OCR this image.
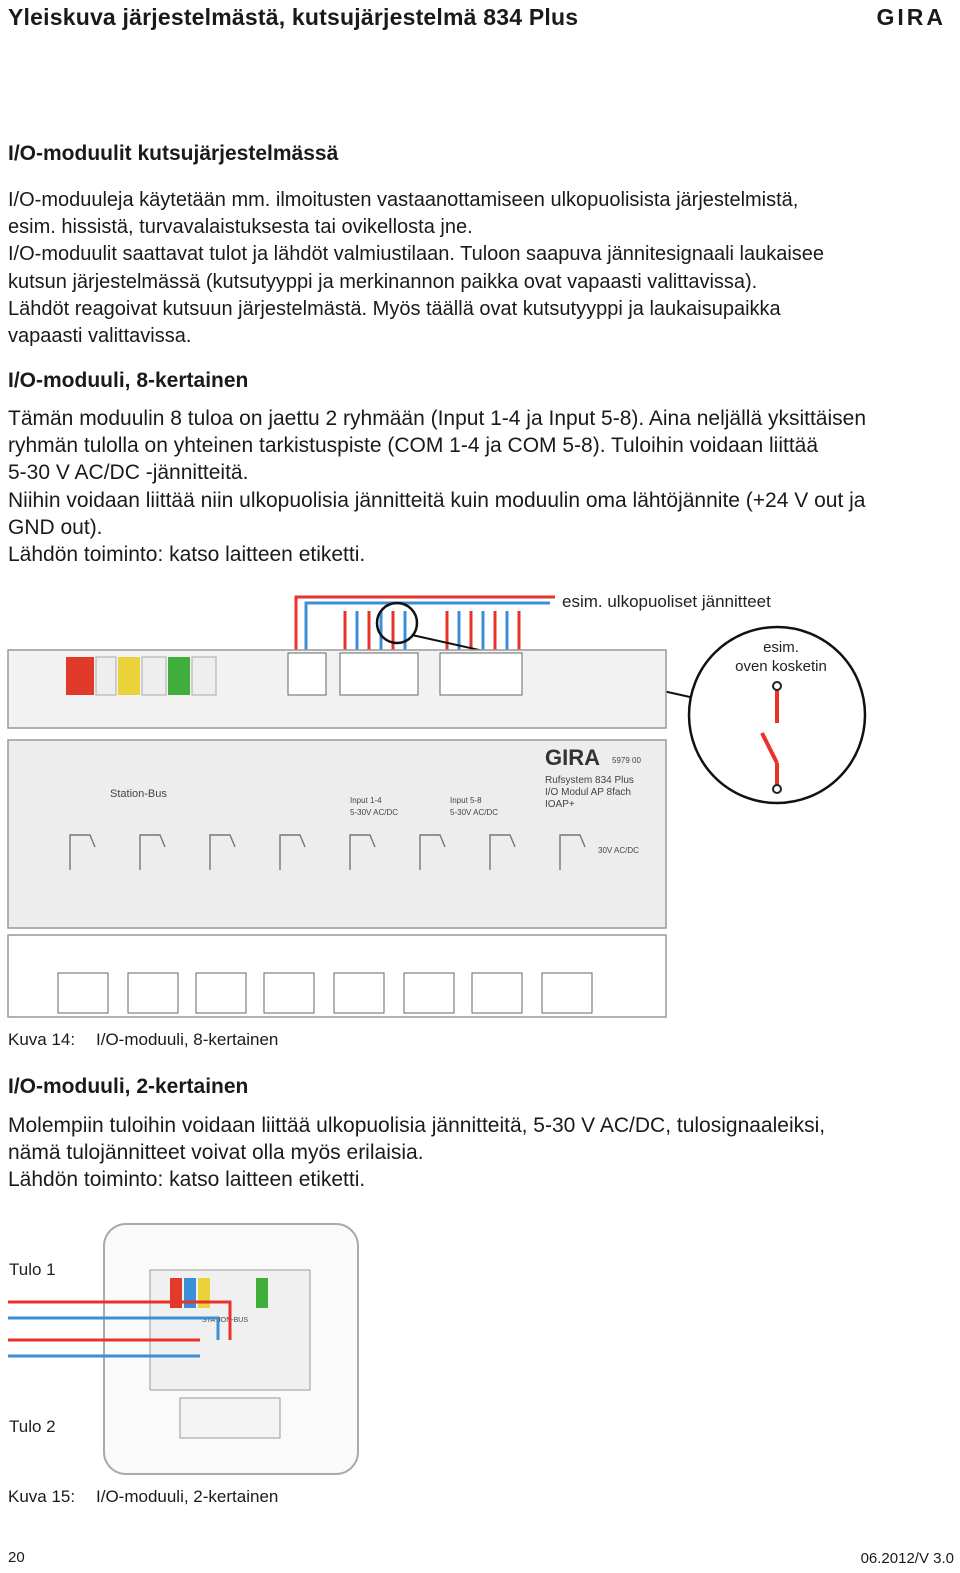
Yleiskuva järjestelmästä, kutsujärjestelmä 834 Plus	GIRA
I/O-moduulit kutsujärjestelmässä

I/O-moduuleja käytetään mm. ilmoitusten vastaanottamiseen ulkopuolisista järjestelmistä,

esim. hissistä, turvavalaistuksesta tai ovikellosta jne.

I/O-moduulit saattavat tulot ja lähdöt valmiustilaan. Tuloon saapuva jännitesignaali laukaisee

kutsun järjestelmässä (kutsutyyppi ja merkinannon paikka ovat vapaasti valittavissa).

Lähdöt reagoivat kutsuun järjestelmästä. Myös täällä ovat kutsutyyppi ja laukaisupaikka

vapaasti valittavissa.

I/O-moduuli, 8-kertainen

Tämän moduulin 8 tuloa on jaettu 2 ryhmään (Input 1-4 ja Input 5-8). Aina neljällä yksittäisen

ryhmän tulolla on yhteinen tarkistuspiste (COM 1-4 ja COM 5-8). Tuloihin voidaan liittää

5-30 V AC/DC -jännitteitä.

Niihin voidaan liittää niin ulkopuolisia jännitteitä kuin moduulin oma lähtöjännite (+24 V out ja

GND out).

Lähdön toiminto: katso laitteen etiketti.

esim. ulkopuoliset jännitteet
Station-Bus
Input 1-4
5-30V AC/DC
Input 5-8
5-30V AC/DC
GIRA 5979 00
Rufsystem 834 Plus
I/O Modul AP 8fach
IOAP+
30V AC/DC
esim.
oven kosketin
Kuva 14: I/O-moduuli, 8-kertainen
I/O-moduuli, 2-kertainen

Molempiin tuloihin voidaan liittää ulkopuolisia jännitteitä, 5-30 V AC/DC, tulosignaaleiksi,

nämä tulojännitteet voivat olla myös erilaisia.

Lähdön toiminto: katso laitteen etiketti.

STATION-BUS
Tulo 1
Tulo 2
Kuva 15: I/O-moduuli, 2-kertainen
20	06.2012/V 3.0
